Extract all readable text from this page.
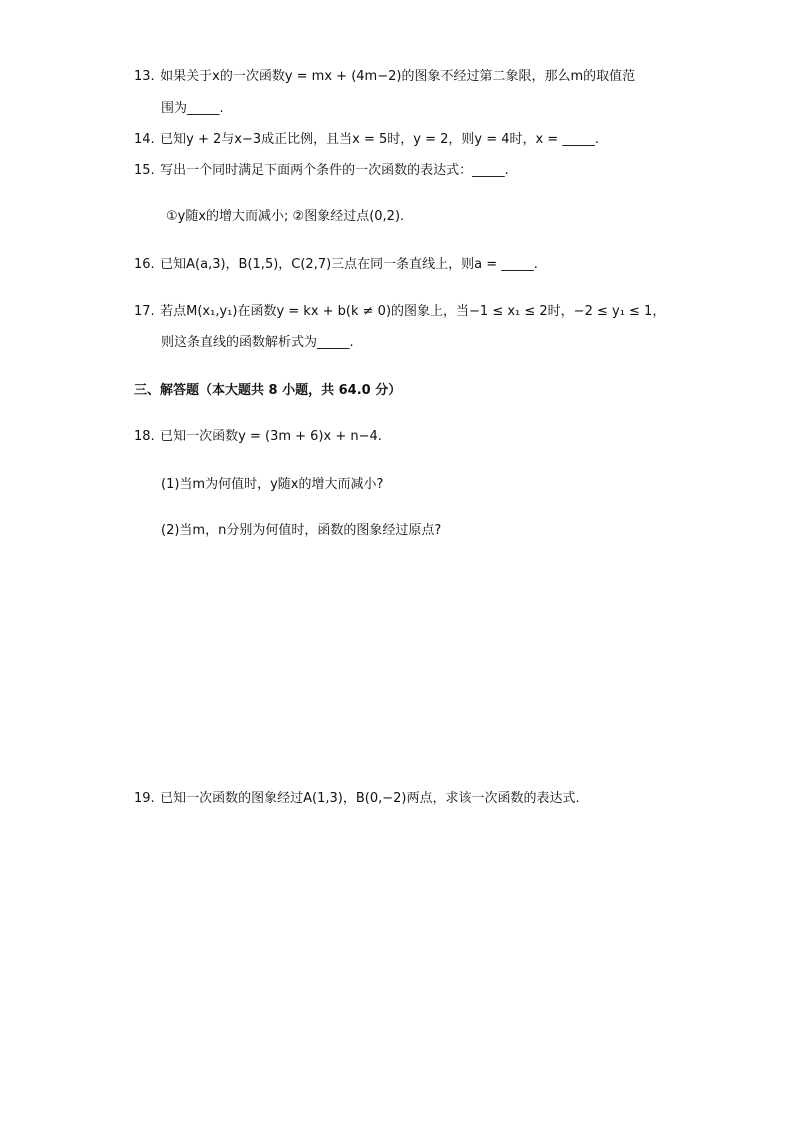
13. 如果关于x的一次函数y = mx + (4m−2)的图象不经过第二象限，那么m的取值范
围为_____.
14. 已知y + 2与x−3成正比例，且当x = 5时，y = 2，则y = 4时，x = _____.
15. 写出一个同时满足下面两个条件的一次函数的表达式：_____.
①y随x的增大而减小; ②图象经过点(0,2).
16. 已知A(a,3)，B(1,5)，C(2,7)三点在同一条直线上，则a = _____.
17. 若点M(x₁,y₁)在函数y = kx + b(k ≠ 0)的图象上，当−1 ≤ x₁ ≤ 2时，−2 ≤ y₁ ≤ 1，
则这条直线的函数解析式为_____.
三、解答题（本大题共 8 小题，共 64.0 分）
18. 已知一次函数y = (3m + 6)x + n−4.
(1)当m为何值时，y随x的增大而减小?
(2)当m，n分别为何值时，函数的图象经过原点?
19. 已知一次函数的图象经过A(1,3)，B(0,−2)两点，求该一次函数的表达式.
